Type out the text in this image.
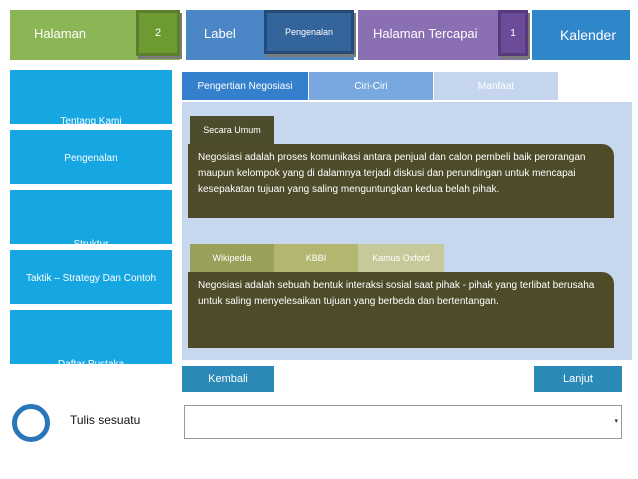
Halaman	2	Label	Pengenalan	Halaman Tercapai	1	Kalender
Tentang Kami
Pengenalan
Struktur
Taktik – Strategy Dan Contoh
Daftar Pustaka
Pengertian Negosiasi	Ciri-Ciri	Manfaat
Secara Umum
Negosiasi adalah proses komunikasi antara penjual dan calon pembeli baik perorangan maupun kelompok yang di dalamnya terjadi diskusi dan perundingan untuk mencapai kesepakatan tujuan yang saling menguntungkan kedua belah pihak.
Wikipedia	KBBI	Kamus Oxford
Negosiasi adalah sebuah bentuk interaksi sosial saat pihak - pihak yang terlibat berusaha untuk saling menyelesaikan tujuan yang berbeda dan bertentangan.
Kembali	Lanjut
Tulis sesuatu	▾
